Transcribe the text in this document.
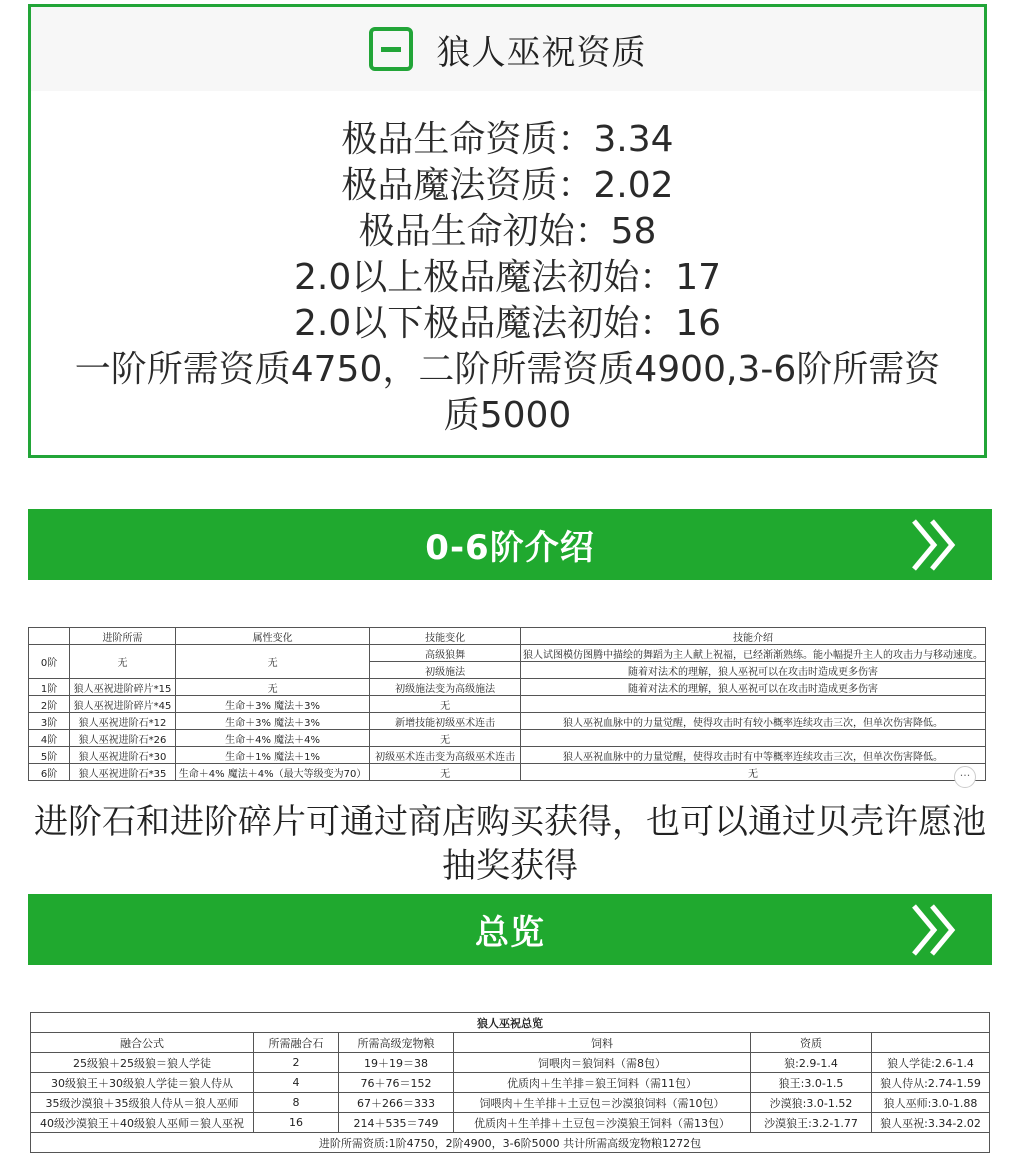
狼人巫祝资质
极品生命资质：3.34
极品魔法资质：2.02
极品生命初始：58
2.0以上极品魔法初始：17
2.0以下极品魔法初始：16
一阶所需资质4750，二阶所需资质4900,3-6阶所需资质5000
0-6阶介绍
	进阶所需	属性变化	技能变化	技能介绍
0阶	无	无	高级狼舞	狼人试图模仿图腾中描绘的舞蹈为主人献上祝福，已经渐渐熟练。能小幅提升主人的攻击力与移动速度。
			初级施法	随着对法术的理解，狼人巫祝可以在攻击时造成更多伤害
1阶	狼人巫祝进阶碎片*15	无	初级施法变为高级施法	随着对法术的理解，狼人巫祝可以在攻击时造成更多伤害
2阶	狼人巫祝进阶碎片*45	生命＋3% 魔法＋3%	无	
3阶	狼人巫祝进阶石*12	生命＋3% 魔法＋3%	新增技能初级巫术连击	狼人巫祝血脉中的力量觉醒，使得攻击时有较小概率连续攻击三次，但单次伤害降低。
4阶	狼人巫祝进阶石*26	生命＋4% 魔法＋4%	无	
5阶	狼人巫祝进阶石*30	生命＋1% 魔法＋1%	初级巫术连击变为高级巫术连击	狼人巫祝血脉中的力量觉醒，使得攻击时有中等概率连续攻击三次，但单次伤害降低。
6阶	狼人巫祝进阶石*35	生命＋4% 魔法＋4%（最大等级变为70）	无	无	···
进阶石和进阶碎片可通过商店购买获得，也可以通过贝壳许愿池抽奖获得
总览
狼人巫祝总览					
融合公式	所需融合石	所需高级宠物粮	饲料	资质	
25级狼＋25级狼＝狼人学徒	2	19＋19＝38	饲喂肉＝狼饲料（需8包）	狼:2.9-1.4	狼人学徒:2.6-1.4
30级狼王＋30级狼人学徒＝狼人侍从	4	76＋76＝152	优质肉＋生羊排＝狼王饲料（需11包）	狼王:3.0-1.5	狼人侍从:2.74-1.59
35级沙漠狼＋35级狼人侍从＝狼人巫师	8	67＋266＝333	饲喂肉＋生羊排＋土豆包＝沙漠狼饲料（需10包）	沙漠狼:3.0-1.52	狼人巫师:3.0-1.88
40级沙漠狼王＋40级狼人巫师＝狼人巫祝	16	214＋535＝749	优质肉＋生羊排＋土豆包＝沙漠狼王饲料（需13包）	沙漠狼王:3.2-1.77	狼人巫祝:3.34-2.02
进阶所需资质:1阶4750，2阶4900，3-6阶5000 共计所需高级宠物粮1272包					
